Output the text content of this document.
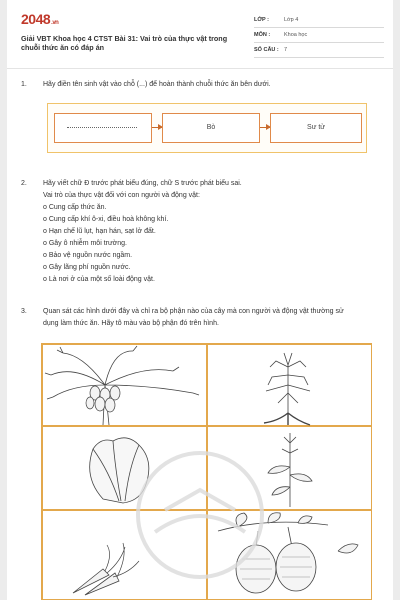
2048.vn
Giải VBT Khoa học 4 CTST Bài 31: Vai trò của thực vật trong chuỗi thức ăn có đáp án
LỚP :	Lớp 4
MÔN :	Khoa học
SỐ CÂU : 7
1. Hãy điền tên sinh vật vào chỗ (...) để hoàn thành chuỗi thức ăn bên dưới.
Bò	Sư tử
2. Hãy viết chữ Đ trước phát biểu đúng, chữ S trước phát biểu sai.
Vai trò của thực vật đối với con người và động vật:
o Cung cấp thức ăn.
o Cung cấp khí ô-xi, điều hoà không khí.
o Hạn chế lũ lụt, hạn hán, sạt lở đất.
o Gây ô nhiễm môi trường.
o Bảo vệ nguồn nước ngầm.
o Gây lãng phí nguồn nước.
o Là nơi ở của một số loài động vật.
3. Quan sát các hình dưới đây và chỉ ra bộ phận nào của cây mà con người và động vật thường sử
dụng làm thức ăn. Hãy tô màu vào bộ phận đó trên hình.
